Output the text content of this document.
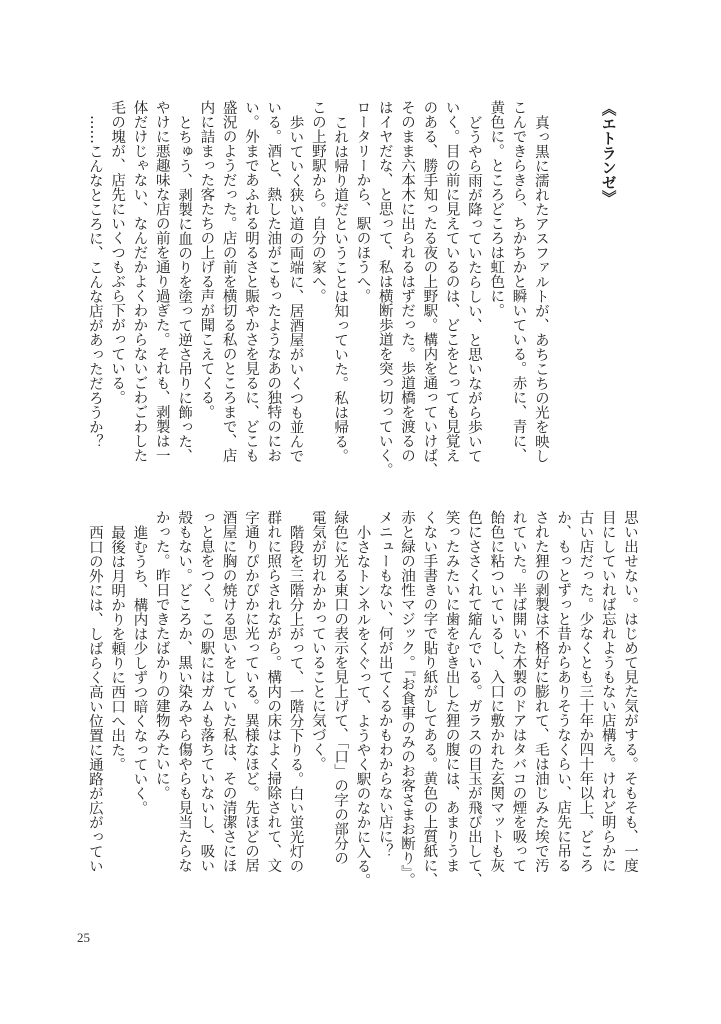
《エトランゼ》
真っ黒に濡れたアスファルトが、あちこちの光を映し
こんできらきら、ちかちかと瞬いている。赤に、青に、
黄色に。ところどころは虹色に。
どうやら雨が降っていたらしい、と思いながら歩いて
いく。目の前に見えているのは、どこをとっても見覚え
のある、勝手知ったる夜の上野駅。構内を通っていけば、
そのまま六本木に出られるはずだった。歩道橋を渡るの
はイヤだな、と思って、私は横断歩道を突っ切っていく。
ロータリーから、駅のほうへ。
これは帰り道だということは知っていた。私は帰る。
この上野駅から。自分の家へ。
歩いていく狭い道の両端に、居酒屋がいくつも並んで
いる。酒と、熱した油がこもったようなあの独特のにお
い。外まであふれる明るさと賑やかさを見るに、どこも
盛況のようだった。店の前を横切る私のところまで、店
内に詰まった客たちの上げる声が聞こえてくる。
とちゅう、剥製に血のりを塗って逆さ吊りに飾った、
やけに悪趣味な店の前を通り過ぎた。それも、剥製は一
体だけじゃない、なんだかよくわからないごわごわした
毛の塊が、店先にいくつもぶら下がっている。
……こんなところに、こんな店があっただろうか？
思い出せない。はじめて見た気がする。そもそも、一度
目にしていれば忘れようもない店構え。けれど明らかに
古い店だった。少なくとも三十年か四十年以上、どころ
か、もっとずっと昔からありそうなくらい、店先に吊る
された狸の剥製は不格好に膨れて、毛は油じみた埃で汚
れていた。半ば開いた木製のドアはタバコの煙を吸って
飴色に粘ついているし、入口に敷かれた玄関マットも灰
色にささくれて縮んでいる。ガラスの目玉が飛び出して、
笑ったみたいに歯をむき出した狸の腹には、あまりうま
くない手書きの字で貼り紙がしてある。黄色の上質紙に、
赤と緑の油性マジック。『お食事のみのお客さまお断り』。
メニューもない、何が出てくるかもわからない店に？
小さなトンネルをくぐって、ようやく駅のなかに入る。
緑色に光る東口の表示を見上げて、「口」の字の部分の
電気が切れかかっていることに気づく。
階段を三階分上がって、一階分下りる。白い蛍光灯の
群れに照らされながら。構内の床はよく掃除されて、文
字通りぴかぴかに光っている。異様なほど。先ほどの居
酒屋に胸の焼ける思いをしていた私は、その清潔さにほ
っと息をつく。この駅にはガムも落ちていないし、吸い
殻もない。どころか、黒い染みやら傷やらも見当たらな
かった。昨日できたばかりの建物みたいに。
進むうち、構内は少しずつ暗くなっていく。
最後は月明かりを頼りに西口へ出た。
西口の外には、しばらく高い位置に通路が広がってい
25
